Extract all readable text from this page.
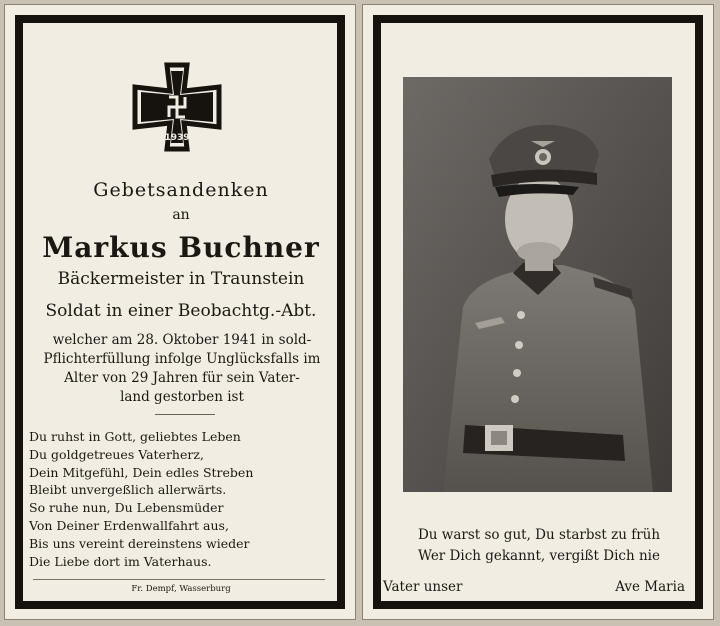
1939
Gebetsandenken
an
Markus Buchner
Bäckermeister in Traunstein
Soldat in einer Beobachtg.-Abt.
welcher am 28. Oktober 1941 in sold-
Pflichterfüllung infolge Unglücksfalls im
Alter von 29 Jahren für sein Vater-
land gestorben ist
Du ruhst in Gott, geliebtes Leben
Du goldgetreues Vaterherz,
Dein Mitgefühl, Dein edles Streben
Bleibt unvergeßlich allerwärts.
So ruhe nun, Du Lebensmüder
Von Deiner Erdenwallfahrt aus,
Bis uns vereint dereinstens wieder
Die Liebe dort im Vaterhaus.
Fr. Dempf, Wasserburg
Du warst so gut, Du starbst zu früh
Wer Dich gekannt, vergißt Dich nie
Vater unser	Ave Maria
